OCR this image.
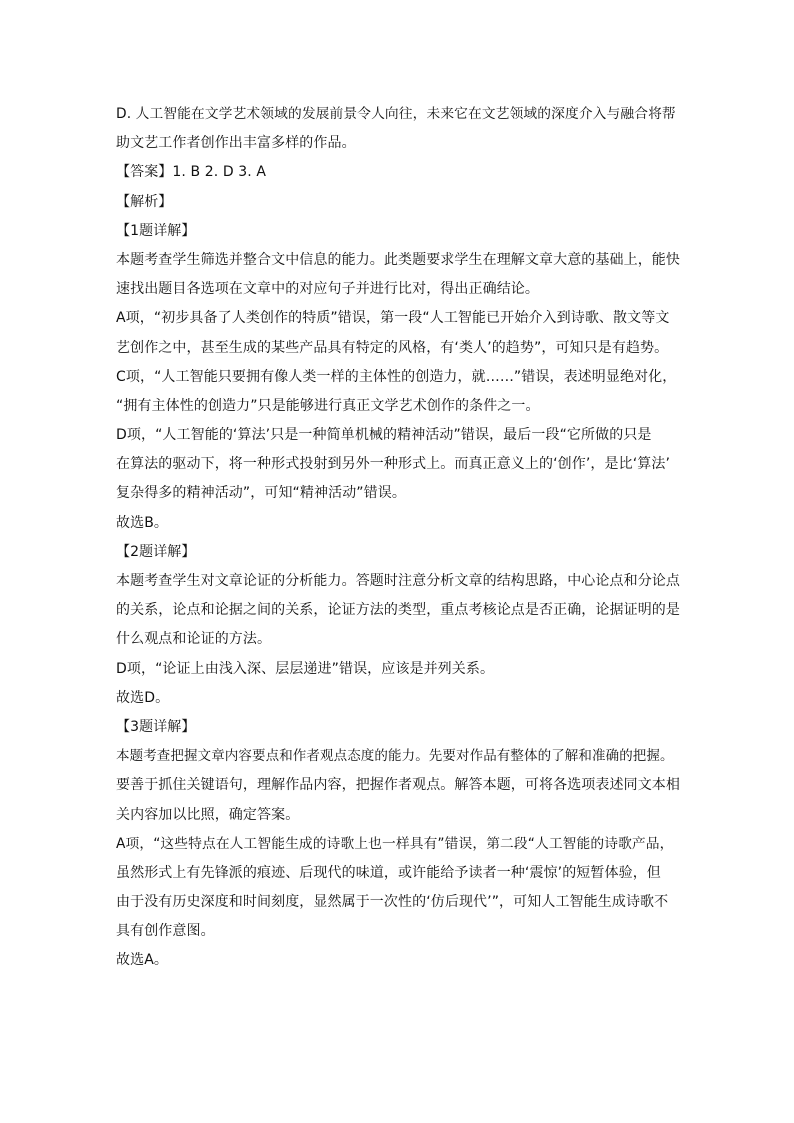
D. 人工智能在文学艺术领域的发展前景令人向往，未来它在文艺领域的深度介入与融合将帮
助文艺工作者创作出丰富多样的作品。
【答案】1. B 2. D 3. A
【解析】
【1题详解】
本题考查学生筛选并整合文中信息的能力。此类题要求学生在理解文章大意的基础上，能快
速找出题目各选项在文章中的对应句子并进行比对，得出正确结论。
A项，“初步具备了人类创作的特质”错误，第一段“人工智能已开始介入到诗歌、散文等文
艺创作之中，甚至生成的某些产品具有特定的风格，有‘类人’的趋势”，可知只是有趋势。
C项，“人工智能只要拥有像人类一样的主体性的创造力，就……”错误，表述明显绝对化，
“拥有主体性的创造力”只是能够进行真正文学艺术创作的条件之一。
D项，“人工智能的‘算法’只是一种简单机械的精神活动”错误，最后一段“它所做的只是
在算法的驱动下，将一种形式投射到另外一种形式上。而真正意义上的‘创作’，是比‘算法’
复杂得多的精神活动”，可知“精神活动”错误。
故选B。
【2题详解】
本题考查学生对文章论证的分析能力。答题时注意分析文章的结构思路，中心论点和分论点
的关系，论点和论据之间的关系，论证方法的类型，重点考核论点是否正确，论据证明的是
什么观点和论证的方法。
D项，“论证上由浅入深、层层递进”错误，应该是并列关系。
故选D。
【3题详解】
本题考查把握文章内容要点和作者观点态度的能力。先要对作品有整体的了解和准确的把握。
要善于抓住关键语句，理解作品内容，把握作者观点。解答本题，可将各选项表述同文本相
关内容加以比照，确定答案。
A项，“这些特点在人工智能生成的诗歌上也一样具有”错误，第二段“人工智能的诗歌产品，
虽然形式上有先锋派的痕迹、后现代的味道，或许能给予读者一种‘震惊’的短暂体验，但
由于没有历史深度和时间刻度，显然属于一次性的‘仿后现代’”，可知人工智能生成诗歌不
具有创作意图。
故选A。
